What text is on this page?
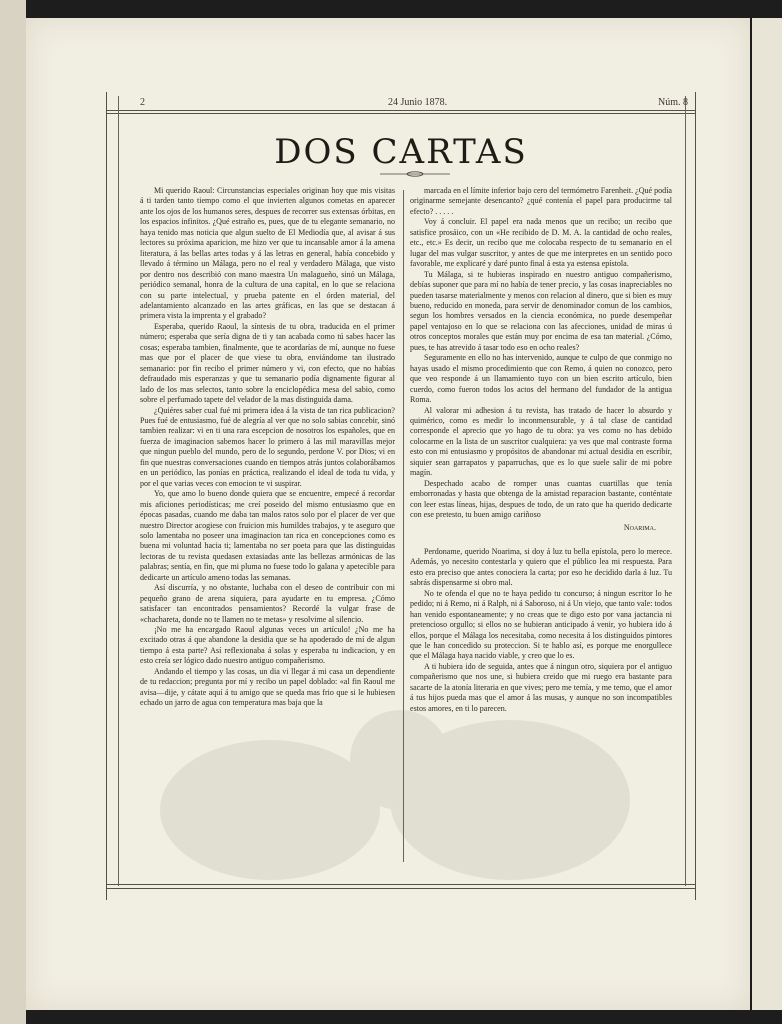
2	24 Junio 1878.	Núm. 8
DOS CARTAS

Mi querido Raoul: Circunstancias especiales originan hoy que mis visitas á ti tarden tanto tiempo como el que invierten algunos cometas en aparecer ante los ojos de los humanos seres, despues de recorrer sus extensas órbitas, en los espacios infinitos. ¿Qué estraño es, pues, que de tu elegante semanario, no haya tenido mas noticia que algun suelto de El Mediodía que, al avisar á sus lectores su próxima aparicion, me hizo ver que tu incansable amor á la amena literatura, á las bellas artes todas y á las letras en general, había concebido y llevado á término un Málaga, pero no el real y verdadero Málaga, que visto por dentro nos describió con mano maestra Un malagueño, sinó un Málaga, periódico semanal, honra de la cultura de una capital, en lo que se relaciona con su parte intelectual, y prueba patente en el órden material, del adelantamiento alcanzado en las artes gráficas, en las que se destacan á primera vista la imprenta y el grabado?

Esperaba, querido Raoul, la síntesis de tu obra, traducida en el primer número; esperaba que sería digna de ti y tan acabada como tú sabes hacer las cosas; esperaba tambien, finalmente, que te acordarías de mí, aunque no fuese mas que por el placer de que viese tu obra, enviándome tan ilustrado semanario: por fin recibo el primer número y vi, con efecto, que no habías defraudado mis esperanzas y que tu semanario podía dignamente figurar al lado de los mas selectos, tanto sobre la enciclopédica mesa del sabio, como sobre el perfumado tapete del velador de la mas distinguida dama.

¿Quiéres saber cual fué mi primera idea á la vista de tan rica publicacion? Pues fué de entusiasmo, fué de alegría al ver que no solo sabias concebir, sinó tambien realizar: vi en ti una rara escepcion de nosotros los españoles, que en fuerza de imaginacion sabemos hacer lo primero á las mil maravillas mejor que ningun pueblo del mundo, pero de lo segundo, perdone V. por Dios; vi en fin que nuestras conversaciones cuando en tiempos atrás juntos colaborábamos en un periódico, las ponías en práctica, realizando el ideal de toda tu vida, y por el que varias veces con emocion te vi suspirar.

Yo, que amo lo bueno donde quiera que se encuentre, empecé á recordar mis aficiones periodísticas; me creí poseido del mismo entusiasmo que en épocas pasadas, cuando me daba tan malos ratos solo por el placer de ver que nuestro Director acogiese con fruicion mis humildes trabajos, y te aseguro que solo lamentaba no poseer una imaginacion tan rica en concepciones como es buena mi voluntad hacia ti; lamentaba no ser poeta para que las distinguidas lectoras de tu revista quedasen extasiadas ante las bellezas armónicas de las palabras; sentía, en fin, que mi pluma no fuese todo lo galana y apetecible para dedicarte un artículo ameno todas las semanas.

Así discurría, y no obstante, luchaba con el deseo de contribuir con mi pequeño grano de arena siquiera, para ayudarte en tu empresa. ¿Cómo satisfacer tan encontrados pensamientos? Recordé la vulgar frase de «chachareta, donde no te llamen no te metas» y resolvime al silencio.

¡No me ha encargado Raoul algunas veces un artículo! ¿No me ha excitado otras á que abandone la desidia que se ha apoderado de mí de algun tiempo á esta parte? Así reflexionaba á solas y esperaba tu indicacion, y en esto creía ser lógico dado nuestro antiguo compañerismo.

Andando el tiempo y las cosas, un dia vi llegar á mi casa un dependiente de tu redaccion; pregunta por mí y recibo un papel doblado: «al fin Raoul me avisa—dije, y cátate aquí á tu amigo que se queda mas frio que si le hubiesen echado un jarro de agua con temperatura mas baja que la

marcada en el límite inferior bajo cero del termómetro Farenheit. ¿Qué podía originarme semejante desencanto? ¿qué contenía el papel para producirme tal efecto? . . . . .

Voy á concluir. El papel era nada menos que un recibo; un recibo que satisfice prosáico, con un «He recibido de D. M. A. la cantidad de ocho reales, etc., etc.» Es decir, un recibo que me colocaba respecto de tu semanario en el lugar del mas vulgar suscritor, y antes de que me interpretes en un sentido poco favorable, me explicaré y daré punto final á esta ya estensa epístola.

Tu Málaga, si te hubieras inspirado en nuestro antiguo compañerismo, debías suponer que para mí no había de tener precio, y las cosas inapreciables no pueden tasarse materialmente y menos con relacion al dinero, que si bien es muy bueno, reducido en moneda, para servir de denominador comun de los cambios, segun los hombres versados en la ciencia económica, no puede desempeñar papel ventajoso en lo que se relaciona con las afecciones, unidad de miras ú otros conceptos morales que están muy por encima de esa tan material. ¿Cómo, pues, te has atrevido á tasar todo eso en ocho reales?

Seguramente en ello no has intervenido, aunque te culpo de que conmigo no hayas usado el mismo procedimiento que con Remo, á quien no conozco, pero que veo responde á un llamamiento tuyo con un bien escrito artículo, bien cuerdo, como fueron todos los actos del hermano del fundador de la antigua Roma.

Al valorar mi adhesion á tu revista, has tratado de hacer lo absurdo y quimérico, como es medir lo inconmensurable, y á tal clase de cantidad corresponde el aprecio que yo hago de tu obra: ya ves como no has debido colocarme en la lista de un suscritor cualquiera: ya ves que mal contraste forma esto con mi entusiasmo y propósitos de abandonar mi actual desidia en escribir, siquier sean garrapatos y paparruchas, que es lo que suele salir de mi pobre magín.

Despechado acabo de romper unas cuantas cuartillas que tenía emborronadas y hasta que obtenga de la amistad reparacion bastante, conténtate con leer estas líneas, hijas, despues de todo, de un rato que ha querido dedicarte con ese pretesto, tu buen amigo cariñoso

Noarima.

Perdoname, querido Noarima, si doy á luz tu bella epístola, pero lo merece. Además, yo necesito contestarla y quiero que el público lea mi respuesta. Para esto era preciso que antes conociera la carta; por eso he decidido darla á luz. Tu sabrás dispensarme si obro mal.

No te ofenda el que no te haya pedido tu concurso; á ningun escritor lo he pedido; ni á Remo, ni á Ralph, ni á Saboroso, ni á Un viejo, que tanto vale: todos han venido espontaneamente; y no creas que te digo esto por vana jactancia ni pretencioso orgullo; si ellos no se hubieran anticipado á venir, yo hubiera ido á ellos, porque el Málaga los necesitaba, como necesita á los distinguidos pintores que le han concedido su proteccion. Si te hablo así, es porque me enorgullece que el Málaga haya nacido viable, y creo que lo es.

A ti hubiera ido de seguida, antes que á ningun otro, siquiera por el antiguo compañerismo que nos une, si hubiera creido que mi ruego era bastante para sacarte de la atonía literaria en que vives; pero me temía, y me temo, que el amor á tus hijos pueda mas que el amor á las musas, y aunque no son incompatibles estos amores, en ti lo parecen.
